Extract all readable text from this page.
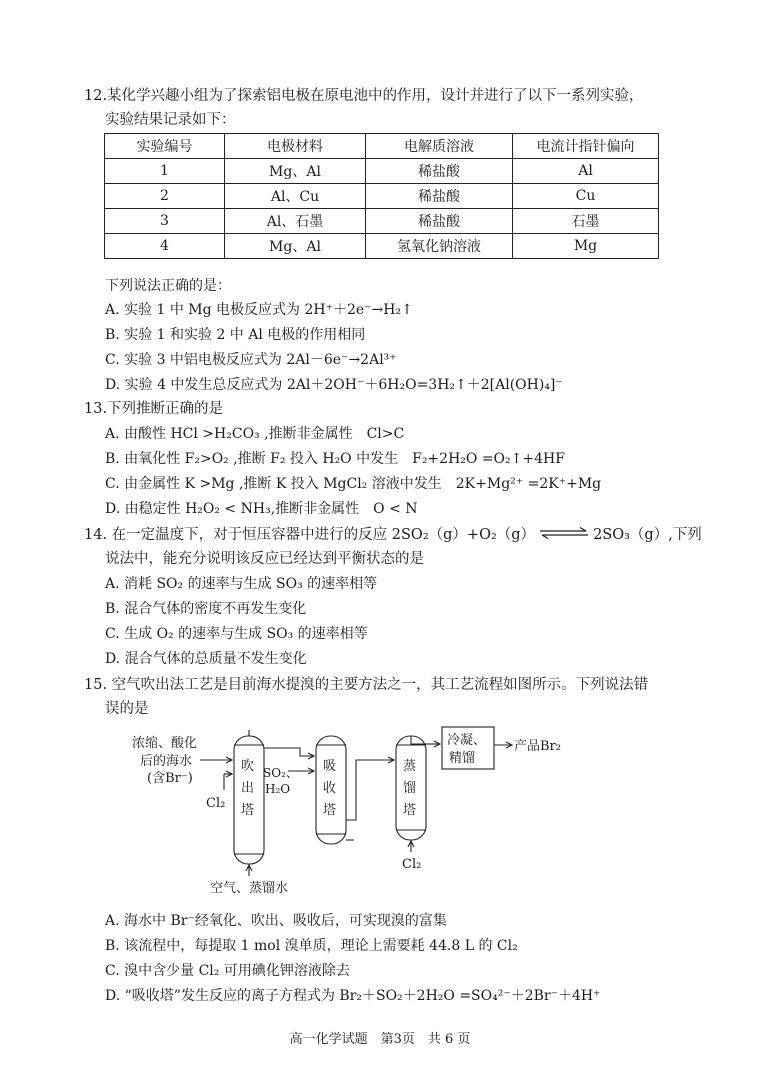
12.某化学兴趣小组为了探索铝电极在原电池中的作用，设计并进行了以下一系列实验，
实验结果记录如下：
实验编号	电极材料	电解质溶液	电流计指针偏向
1	Mg、Al	稀盐酸	Al
2	Al、Cu	稀盐酸	Cu
3	Al、石墨	稀盐酸	石墨
4	Mg、Al	氢氧化钠溶液	Mg
下列说法正确的是：
A. 实验 1 中 Mg 电极反应式为 2H⁺＋2e⁻→H₂↑
B. 实验 1 和实验 2 中 Al 电极的作用相同
C. 实验 3 中铝电极反应式为 2Al－6e⁻→2Al³⁺
D. 实验 4 中发生总反应式为 2Al＋2OH⁻＋6H₂O=3H₂↑＋2[Al(OH)₄]⁻
13.下列推断正确的是
A. 由酸性 HCl >H₂CO₃ ,推断非金属性　Cl>C
B. 由氧化性 F₂>O₂ ,推断 F₂ 投入 H₂O 中发生　F₂+2H₂O =O₂↑+4HF
C. 由金属性 K >Mg ,推断 K 投入 MgCl₂ 溶液中发生　2K+Mg²⁺ =2K⁺+Mg
D. 由稳定性 H₂O₂ < NH₃,推断非金属性　O < N
14. 在一定温度下，对于恒压容器中进行的反应 2SO₂（g）+O₂（g） ⇌ 2SO₃（g）,下列
说法中，能充分说明该反应已经达到平衡状态的是
A. 消耗 SO₂ 的速率与生成 SO₃ 的速率相等
B. 混合气体的密度不再发生变化
C. 生成 O₂ 的速率与生成 SO₃ 的速率相等
D. 混合气体的总质量不发生变化
15. 空气吹出法工艺是目前海水提溴的主要方法之一，其工艺流程如图所示。下列说法错
误的是
浓缩、酸化
后的海水
(含Br⁻)
Cl₂
吹
出
塔
SO₂、
H₂O
吸
收
塔
蒸
馏
塔
冷凝、
精馏
产品Br₂
空气、蒸馏水
Cl₂
A. 海水中 Br⁻经氧化、吹出、吸收后，可实现溴的富集
B. 该流程中，每提取 1 mol 溴单质，理论上需要耗 44.8 L 的 Cl₂
C. 溴中含少量 Cl₂ 可用碘化钾溶液除去
D. “吸收塔”发生反应的离子方程式为 Br₂＋SO₂＋2H₂O =SO₄²⁻＋2Br⁻＋4H⁺
高一化学试题　第3页　共 6 页
